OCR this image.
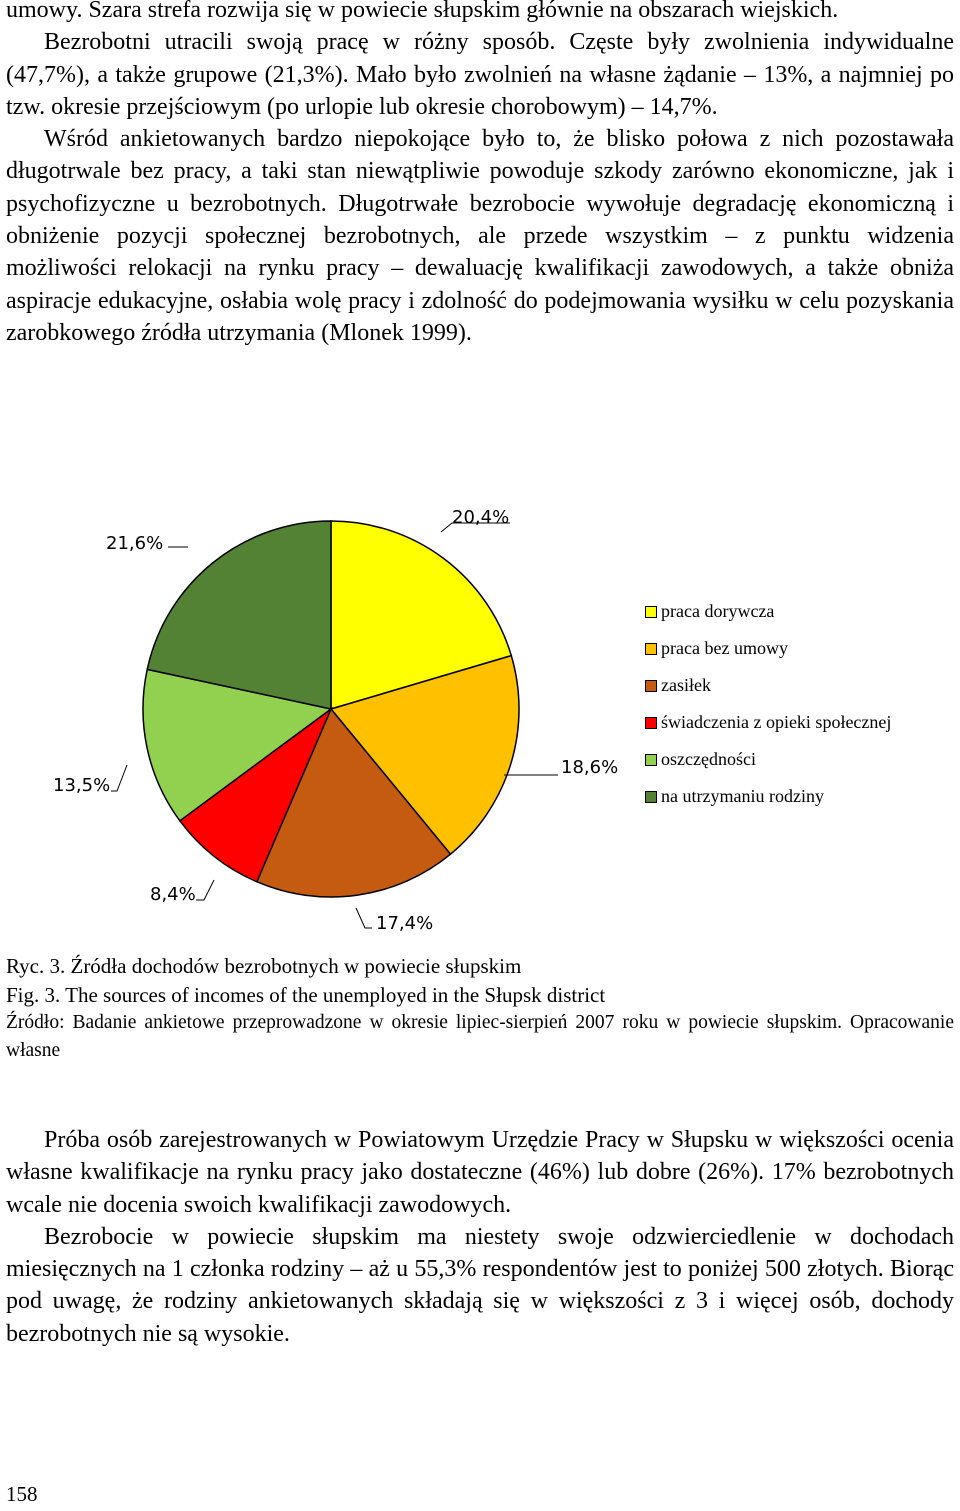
umowy. Szara strefa rozwija się w powiecie słupskim głównie na obszarach wiejskich.

Bezrobotni utracili swoją pracę w różny sposób. Częste były zwolnienia indywidualne (47,7%), a także grupowe (21,3%). Mało było zwolnień na własne żądanie – 13%, a najmniej po tzw. okresie przejściowym (po urlopie lub okresie chorobowym) – 14,7%.

Wśród ankietowanych bardzo niepokojące było to, że blisko połowa z nich pozostawała długotrwale bez pracy, a taki stan niewątpliwie powoduje szkody zarówno ekonomiczne, jak i psychofizyczne u bezrobotnych. Długotrwałe bezrobocie wywołuje degradację ekonomiczną i obniżenie pozycji społecznej bezrobotnych, ale przede wszystkim – z punktu widzenia możliwości relokacji na rynku pracy – dewaluację kwalifikacji zawodowych, a także obniża aspiracje edukacyjne, osłabia wolę pracy i zdolność do podejmowania wysiłku w celu pozyskania zarobkowego źródła utrzymania (Mlonek 1999).

20,4%
18,6%
17,4%
8,4%
13,5%
21,6%
praca dorywcza
praca bez umowy
zasiłek
świadczenia z opieki społecznej
oszczędności
na utrzymaniu rodziny
Ryc. 3. Źródła dochodów bezrobotnych w powiecie słupskim
Fig. 3. The sources of incomes of the unemployed in the Słupsk district
Źródło: Badanie ankietowe przeprowadzone w okresie lipiec-sierpień 2007 roku w powiecie słupskim. Opracowanie własne

Próba osób zarejestrowanych w Powiatowym Urzędzie Pracy w Słupsku w większości ocenia własne kwalifikacje na rynku pracy jako dostateczne (46%) lub dobre (26%). 17% bezrobotnych wcale nie docenia swoich kwalifikacji zawodowych.

Bezrobocie w powiecie słupskim ma niestety swoje odzwierciedlenie w dochodach miesięcznych na 1 członka rodziny – aż u 55,3% respondentów jest to poniżej 500 złotych. Biorąc pod uwagę, że rodziny ankietowanych składają się w większości z 3 i więcej osób, dochody bezrobotnych nie są wysokie.

158
